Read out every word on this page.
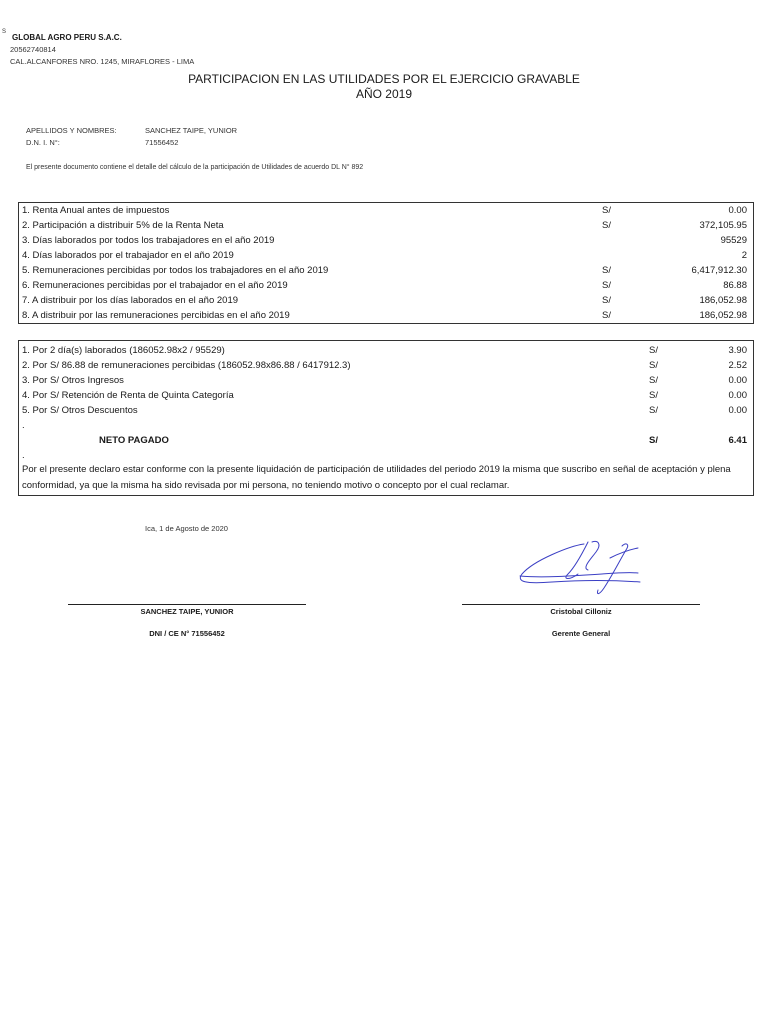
S
GLOBAL AGRO PERU S.A.C.
20562740814
CAL.ALCANFORES NRO. 1245, MIRAFLORES - LIMA
PARTICIPACION EN LAS UTILIDADES POR EL EJERCICIO GRAVABLE
AÑO 2019
APELLIDOS Y NOMBRES:	SANCHEZ TAIPE, YUNIOR
D.N. I. N°:	71556452
El presente documento contiene el detalle del cálculo de la participación de Utilidades de acuerdo DL N° 892
1. Renta Anual antes de impuestos	S/	0.00
2. Participación a distribuir 5% de la Renta Neta	S/	372,105.95
3. Días laborados por todos los trabajadores en el año 2019	95529
4. Días laborados por el trabajador en el año 2019	2
5. Remuneraciones percibidas por todos los trabajadores en el año 2019	S/	6,417,912.30
6. Remuneraciones percibidas por el trabajador en el año 2019	S/	86.88
7. A distribuir por los días laborados en el año 2019	S/	186,052.98
8. A distribuir por las remuneraciones percibidas en el año 2019	S/	186,052.98
1. Por 2 día(s) laborados (186052.98x2 / 95529)	S/	3.90
2. Por S/ 86.88 de remuneraciones percibidas (186052.98x86.88 / 6417912.3)	S/	2.52
3. Por S/ Otros Ingresos	S/	0.00
4. Por S/ Retención de Renta de Quinta Categoría	S/	0.00
5. Por S/ Otros Descuentos	S/	0.00
.
NETO PAGADO	S/	6.41
.
Por el presente declaro estar conforme con la presente liquidación de participación de utilidades del periodo 2019 la misma que suscribo en señal de aceptación y plena conformidad, ya que la misma ha sido revisada por mi persona, no teniendo motivo o concepto por el cual reclamar.
Ica, 1 de Agosto de 2020
SANCHEZ TAIPE, YUNIOR
DNI / CE N° 71556452
Cristobal Cilloniz
Gerente General
